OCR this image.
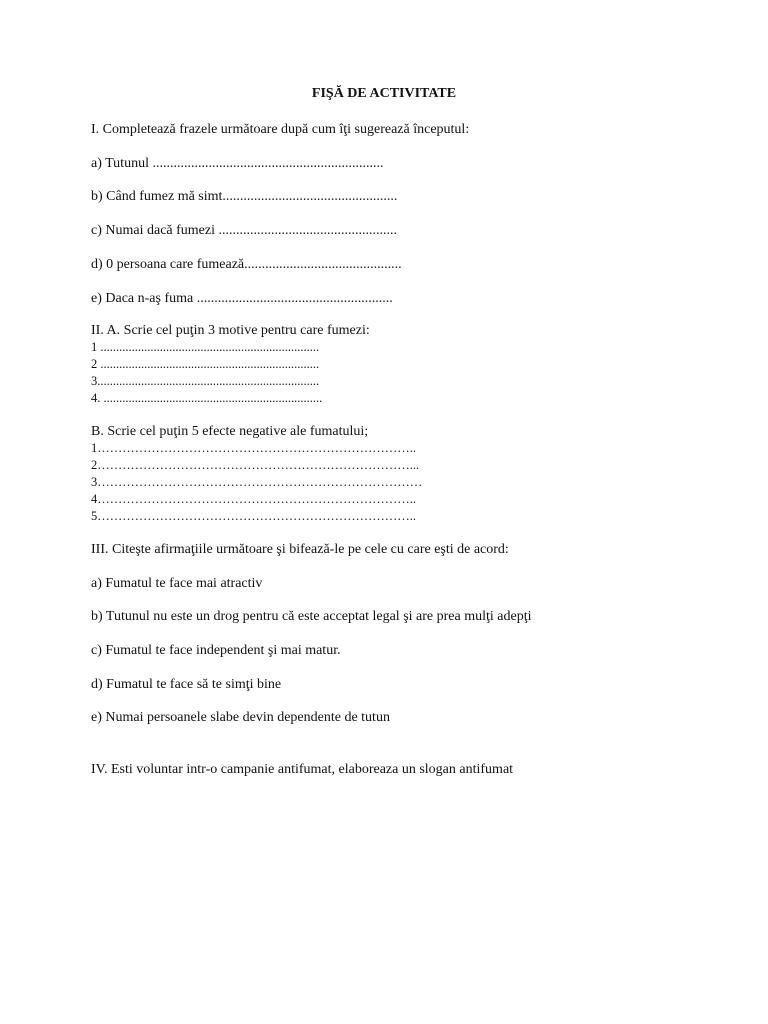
FIŞĂ DE ACTIVITATE
I. Completează frazele următoare după cum îţi sugerează începutul:
a) Tutunul ..................................................................
b) Când fumez mă simt..................................................
c) Numai dacă fumezi ...................................................
d) 0 persoana care fumează.............................................
e) Daca n-aş fuma ........................................................
II. A. Scrie cel puţin 3 motive pentru care fumezi:
1 ......................................................................
2 ......................................................................
3.......................................................................
4. ......................................................................
B. Scrie cel puţin 5 efecte negative ale fumatului;
1…………………………………………………………………..
2…………………………………………………………………...
3……………………………………………………………………
4…………………………………………………………………..
5…………………………………………………………………..
III. Citeşte afirmaţiile următoare şi bifează-le pe cele cu care eşti de acord:
a) Fumatul te face mai atractiv
b) Tutunul nu este un drog pentru că este acceptat legal şi are prea mulţi adepţi
c) Fumatul te face independent şi mai matur.
d) Fumatul te face să te simţi bine
e) Numai persoanele slabe devin dependente de tutun
IV. Esti voluntar intr-o campanie antifumat, elaboreaza un slogan antifumat
